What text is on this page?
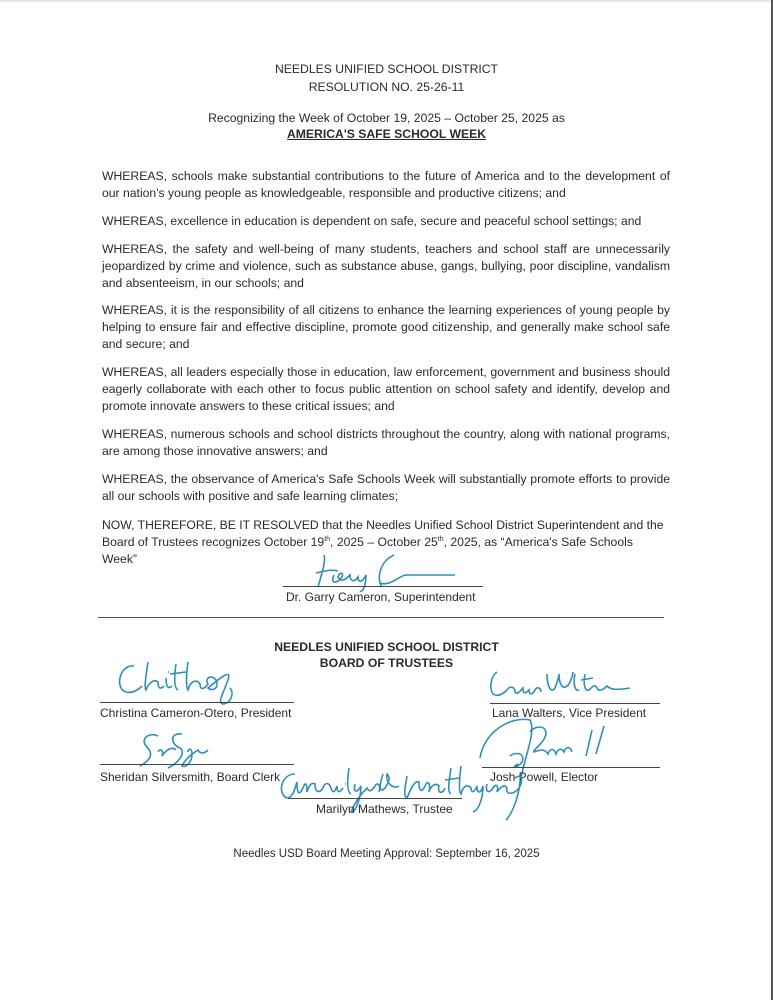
NEEDLES UNIFIED SCHOOL DISTRICT
RESOLUTION NO. 25-26-11
Recognizing the Week of October 19, 2025 – October 25, 2025 as
AMERICA'S SAFE SCHOOL WEEK

WHEREAS, schools make substantial contributions to the future of America and to the development of our nation's young people as knowledgeable, responsible and productive citizens; and

WHEREAS, excellence in education is dependent on safe, secure and peaceful school settings; and

WHEREAS, the safety and well-being of many students, teachers and school staff are unnecessarily jeopardized by crime and violence, such as substance abuse, gangs, bullying, poor discipline, vandalism and absenteeism, in our schools; and

WHEREAS, it is the responsibility of all citizens to enhance the learning experiences of young people by helping to ensure fair and effective discipline, promote good citizenship, and generally make school safe and secure; and

WHEREAS, all leaders especially those in education, law enforcement, government and business should eagerly collaborate with each other to focus public attention on school safety and identify, develop and promote innovate answers to these critical issues; and

WHEREAS, numerous schools and school districts throughout the country, along with national programs, are among those innovative answers; and

WHEREAS, the observance of America's Safe Schools Week will substantially promote efforts to provide all our schools with positive and safe learning climates;

NOW, THEREFORE, BE IT RESOLVED that the Needles Unified School District Superintendent and the Board of Trustees recognizes October 19th, 2025 – October 25th, 2025, as “America's Safe Schools Week”

Dr. Garry Cameron, Superintendent
NEEDLES UNIFIED SCHOOL DISTRICT
BOARD OF TRUSTEES
Christina Cameron-Otero, President	Lana Walters, Vice President
Sheridan Silversmith, Board Clerk	Josh Powell, Elector
Marilyn Mathews, Trustee
Needles USD Board Meeting Approval: September 16, 2025
